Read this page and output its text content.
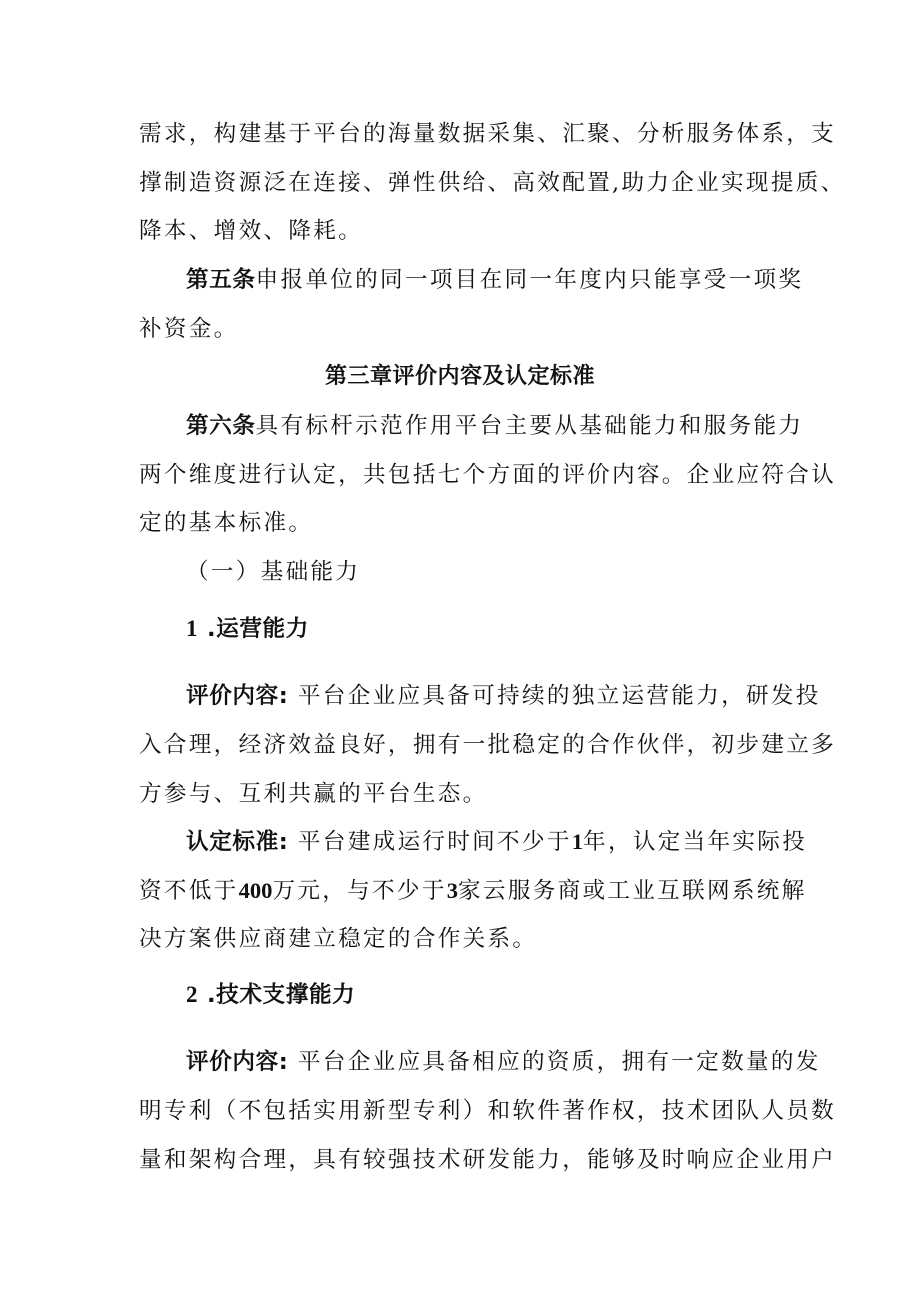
需求，构建基于平台的海量数据采集、汇聚、分析服务体系，支
撑制造资源泛在连接、弹性供给、高效配置,助力企业实现提质、
降本、增效、降耗。
第五条申报单位的同一项目在同一年度内只能享受一项奖
补资金。
第三章评价内容及认定标准
第六条具有标杆示范作用平台主要从基础能力和服务能力
两个维度进行认定，共包括七个方面的评价内容。企业应符合认
定的基本标准。
（一）基础能力
1 .运营能力
评价内容: 平台企业应具备可持续的独立运营能力，研发投
入合理，经济效益良好，拥有一批稳定的合作伙伴，初步建立多
方参与、互利共赢的平台生态。
认定标准: 平台建成运行时间不少于1年，认定当年实际投
资不低于400万元，与不少于3家云服务商或工业互联网系统解
决方案供应商建立稳定的合作关系。
2 .技术支撑能力
评价内容: 平台企业应具备相应的资质，拥有一定数量的发
明专利（不包括实用新型专利）和软件著作权，技术团队人员数
量和架构合理，具有较强技术研发能力，能够及时响应企业用户
